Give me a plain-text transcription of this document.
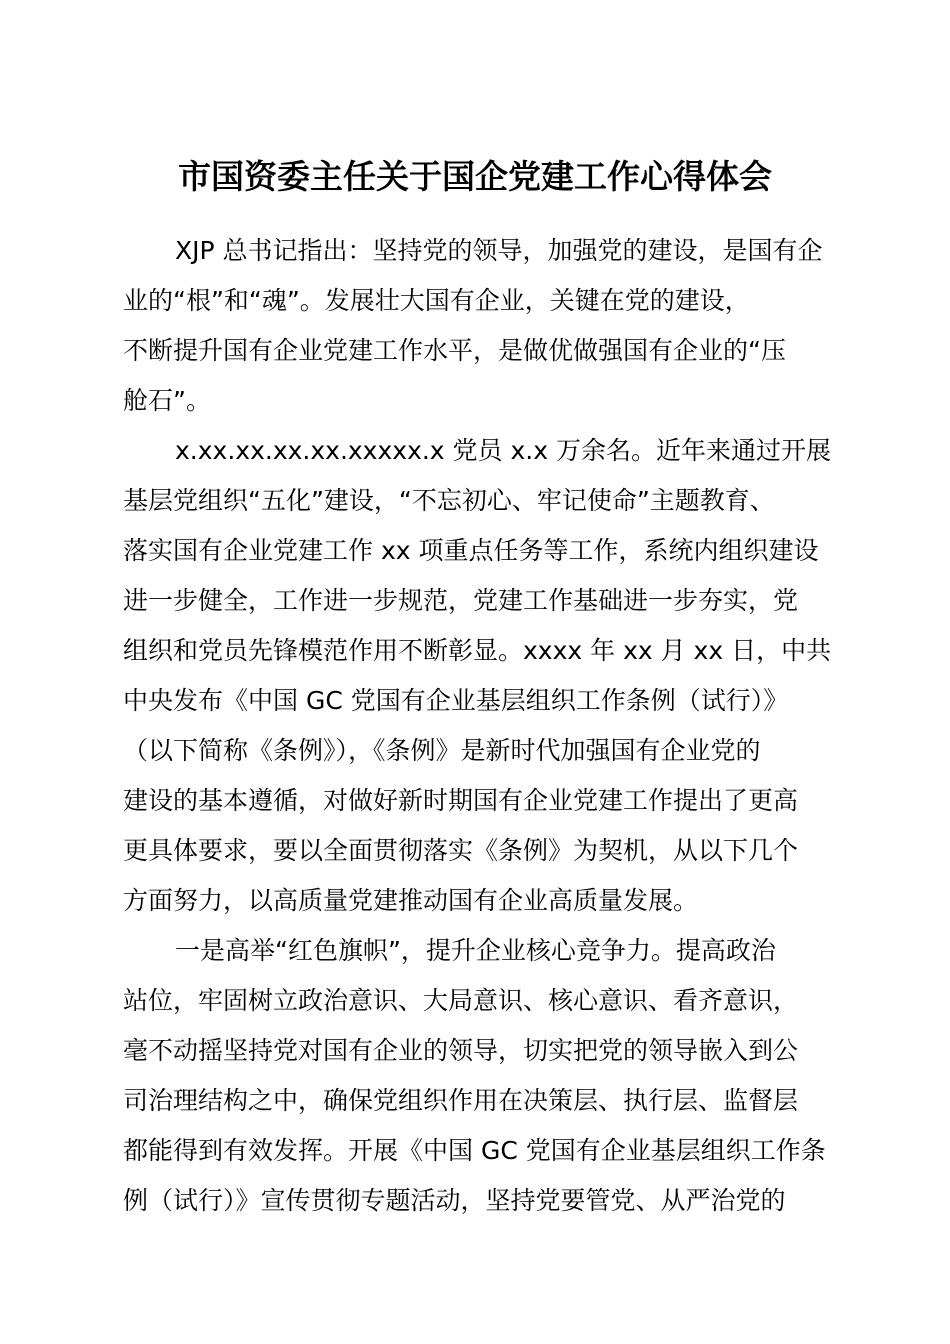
市国资委主任关于国企党建工作心得体会
XJP 总书记指出：坚持党的领导，加强党的建设，是国有企
业的“根”和“魂”。发展壮大国有企业，关键在党的建设，
不断提升国有企业党建工作水平，是做优做强国有企业的“压
舱石”。
x.xx.xx.xx.xx.xxxxx.x 党员 x.x 万余名。近年来通过开展
基层党组织“五化”建设，“不忘初心、牢记使命”主题教育、
落实国有企业党建工作 xx 项重点任务等工作，系统内组织建设
进一步健全，工作进一步规范，党建工作基础进一步夯实，党
组织和党员先锋模范作用不断彰显。xxxx 年 xx 月 xx 日，中共
中央发布《中国 GC 党国有企业基层组织工作条例（试行）》
（以下简称《条例》），《条例》是新时代加强国有企业党的
建设的基本遵循，对做好新时期国有企业党建工作提出了更高
更具体要求，要以全面贯彻落实《条例》为契机，从以下几个
方面努力，以高质量党建推动国有企业高质量发展。
一是高举“红色旗帜”，提升企业核心竞争力。提高政治
站位，牢固树立政治意识、大局意识、核心意识、看齐意识，
毫不动摇坚持党对国有企业的领导，切实把党的领导嵌入到公
司治理结构之中，确保党组织作用在决策层、执行层、监督层
都能得到有效发挥。开展《中国 GC 党国有企业基层组织工作条
例（试行）》宣传贯彻专题活动，坚持党要管党、从严治党的
